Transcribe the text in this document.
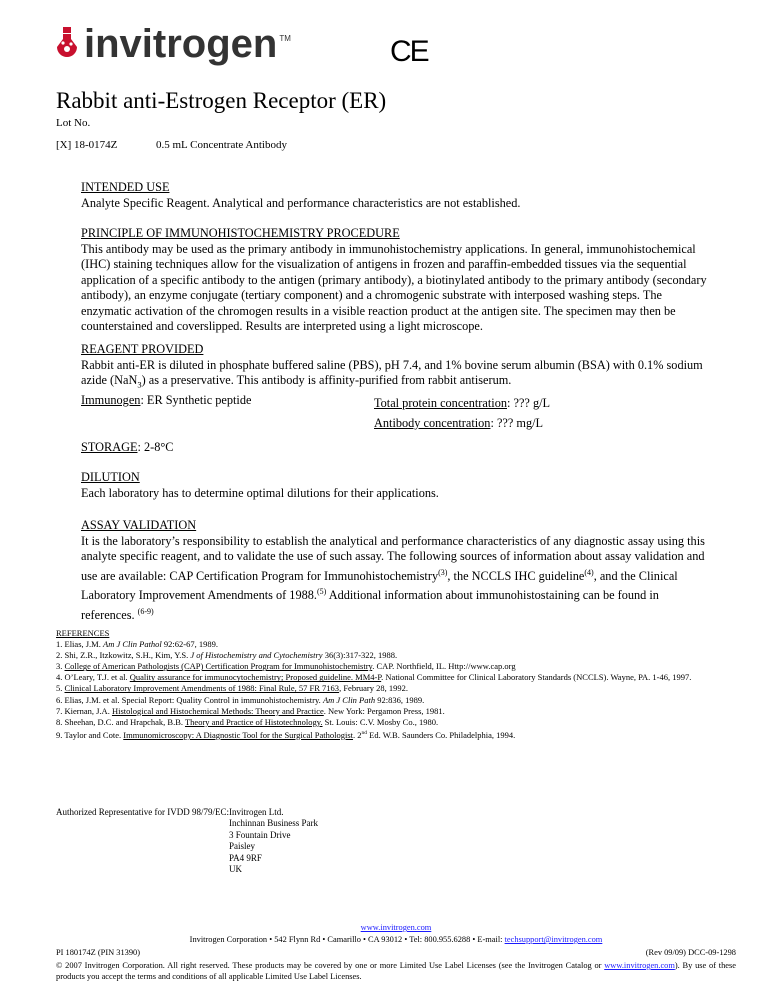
invitrogen TM	CE
Rabbit anti-Estrogen Receptor (ER)
Lot No.
[X] 18-0174Z	0.5 mL Concentrate Antibody
INTENDED USE

Analyte Specific Reagent. Analytical and performance characteristics are not established.

PRINCIPLE OF IMMUNOHISTOCHEMISTRY PROCEDURE

This antibody may be used as the primary antibody in immunohistochemistry applications. In general, immunohistochemical (IHC) staining techniques allow for the visualization of antigens in frozen and paraffin-embedded tissues via the sequential application of a specific antibody to the antigen (primary antibody), a biotinylated antibody to the primary antibody (secondary antibody), an enzyme conjugate (tertiary component) and a chromogenic substrate with interposed washing steps. The enzymatic activation of the chromogen results in a visible reaction product at the antigen site. The specimen may then be counterstained and coverslipped. Results are interpreted using a light microscope.

REAGENT PROVIDED

Rabbit anti-ER is diluted in phosphate buffered saline (PBS), pH 7.4, and 1% bovine serum albumin (BSA) with 0.1% sodium azide (NaN$_3$) as a preservative. This antibody is affinity-purified from rabbit antiserum.

Immunogen: ER Synthetic peptide	Total protein concentration: ??? g/L
Antibody concentration: ??? mg/L
STORAGE: 2-8°C
DILUTION

Each laboratory has to determine optimal dilutions for their applications.

ASSAY VALIDATION

It is the laboratory’s responsibility to establish the analytical and performance characteristics of any diagnostic assay using this analyte specific reagent, and to validate the use of such assay. The following sources of information about assay validation and use are available: CAP Certification Program for Immunohistochemistry$^{(3)}$, the NCCLS IHC guideline$^{(4)}$, and the Clinical Laboratory Improvement Amendments of 1988.$^{(5)}$ Additional information about immunohistostaining can be found in references. $^{(6-9)}$

REFERENCES
1. Elias, J.M. Am J Clin Pathol 92:62-67, 1989.
2. Shi, Z.R., Itzkowitz, S.H., Kim, Y.S. J of Histochemistry and Cytochemistry 36(3):317-322, 1988.
3. College of American Pathologists (CAP) Certification Program for Immunohistochemistry. CAP. Northfield, IL. Http://www.cap.org
4. O’Leary, T.J. et al. Quality assurance for immunocytochemistry; Proposed guideline. MM4-P. National Committee for Clinical Laboratory Standards (NCCLS). Wayne, PA. 1-46, 1997.
5. Clinical Laboratory Improvement Amendments of 1988: Final Rule, 57 FR 7163, February 28, 1992.
6. Elias, J.M. et al. Special Report: Quality Control in immunohistochemistry. Am J Clin Path 92:836, 1989.
7. Kiernan, J.A. Histological and Histochemical Methods: Theory and Practice. New York: Pergamon Press, 1981.
8. Sheehan, D.C. and Hrapchak, B.B. Theory and Practice of Histotechnology. St. Louis: C.V. Mosby Co., 1980.
9. Taylor and Cote. Immunomicroscopy: A Diagnostic Tool for the Surgical Pathologist. 2nd Ed. W.B. Saunders Co. Philadelphia, 1994.
Authorized Representative for IVDD 98/79/EC: Invitrogen Ltd.
Inchinnan Business Park
3 Fountain Drive
Paisley
PA4 9RF
UK
www.invitrogen.com
Invitrogen Corporation • 542 Flynn Rd • Camarillo • CA 93012 • Tel: 800.955.6288 • E-mail: techsupport@invitrogen.com
PI 180174Z (PIN 31390)	(Rev 09/09) DCC-09-1298
© 2007 Invitrogen Corporation. All right reserved. These products may be covered by one or more Limited Use Label Licenses (see the Invitrogen Catalog or www.invitrogen.com). By use of these products you accept the terms and conditions of all applicable Limited Use Label Licenses.
